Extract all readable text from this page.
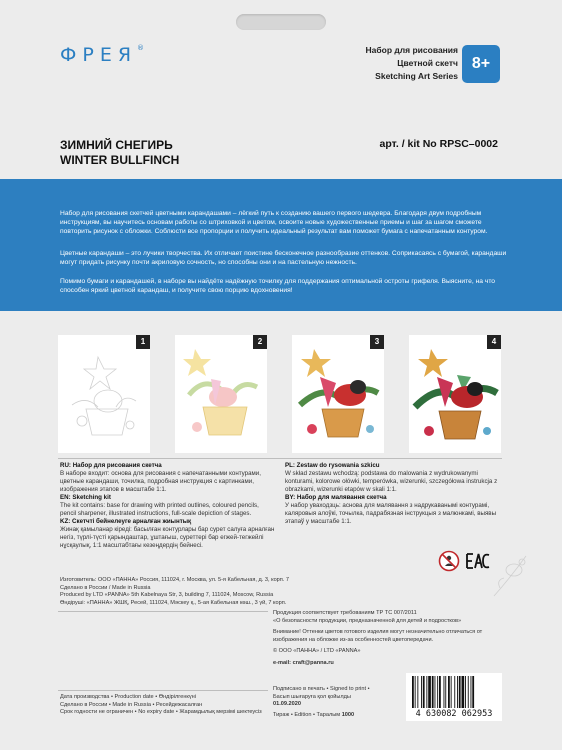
ФРЕЯ®	Набор для рисования
Цветной скетч
Sketching Art Series
8+
ЗИМНИЙ СНЕГИРЬ
WINTER BULLFINCH
арт. / kit No RPSC–0002

Набор для рисования скетчей цветными карандашами – лёгкий путь к созданию вашего первого шедевра. Благодаря двум подробным инструкциям, вы научитесь основам работы со штриховкой и цветом, освоите новые художественные приемы и шаг за шагом сможете повторить рисунок с обложки. Соблюсти все пропорции и получить идеальный результат вам поможет бумага с напечатанным контуром.

Цветные карандаши – это лучики творчества. Их отличает поистине бесконечное разнообразие оттенков. Соприкасаясь с бумагой, карандаши могут придать рисунку почти акриловую сочность, но способны они и на пастельную нежность.

Помимо бумаги и карандашей, в наборе вы найдёте надёжную точилку для поддержания оптимальной остроты грифеля. Выясните, на что способен яркий цветной карандаш, и получите свою порцию вдохновения!

1	2	3	4
RU: Набор для рисования скетча
В наборе входит: основа для рисования с напечатанными контурами, цветные карандаши, точилка, подробная инструкция с картинками, изображения этапов в масштабе 1:1.
EN: Sketching kit
The kit contains: base for drawing with printed outlines, coloured pencils, pencil sharpener, illustrated instructions, full-scale depiction of stages.
KZ: Скетчті бейнелеуге арналған жиынтық
Жинақ қамыланар кіреді: басылған контурлары бар сурет салуға арналған негіз, түрлі-түсті қарындаштар, ұштағыш, суреттері бар егжей-тегжейлі нұсқаулық, 1:1 масштабтағы кезеңдердің бейнесі.
PL: Zestaw do rysowania szkicu
W skład zestawu wchodzą: podstawa do malowania z wydrukowanymi konturami, kolorowe ołówki, temperówka, wizerunki, szczegółowa instrukcja z obrazkami, wizerunki etapów w skali 1:1.
BY: Набор для малявання скетча
У набор уваходзць: аснова для малявання з надрукаванымі контурамі, каляровыя алоўкі, точылка, падрабязная інструкцыя з малюнкамі, выявы этапаў у масштабе 1:1.
Изготовитель: ООО «ПАННА» Россия, 111024, г. Москва, ул. 5-я Кабельная, д. 3, корп. 7
Сделано в России / Made in Russia
Produced by LTD «PANNA» 5th Kabelnaya Str, 3, building 7, 111024, Moscow, Russia
Өндіруші: «ПАННА» ЖШҚ, Ресей, 111024, Мәскеу қ., 5-ая Кабельная көш., 3 үй, 7 корп.
Продукция соответствует требованиям ТР ТС 007/2011
«О безопасности продукции, предназначенной для детей и подростков»
Внимание! Оттенки цветов готового изделия могут незначительно отличаться от изображения на обложке из-за особенностей цветопередачи.
© ООО «ПАННА» / LTD «PANNA»
e-mail: craft@panna.ru
Дата производства • Production date • Өндірілгенкүні
Сделано в России • Made in Russia • Ресейдежасалған
Срок годности не ограничен • No expiry date • Жарамдылық мерзімі шектеусіз
Подписано в печать • Signed to print •
Басып шығаруға қол қойылды
01.09.2020
Тираж • Edition • Таралым 1000	4 630082 062953
